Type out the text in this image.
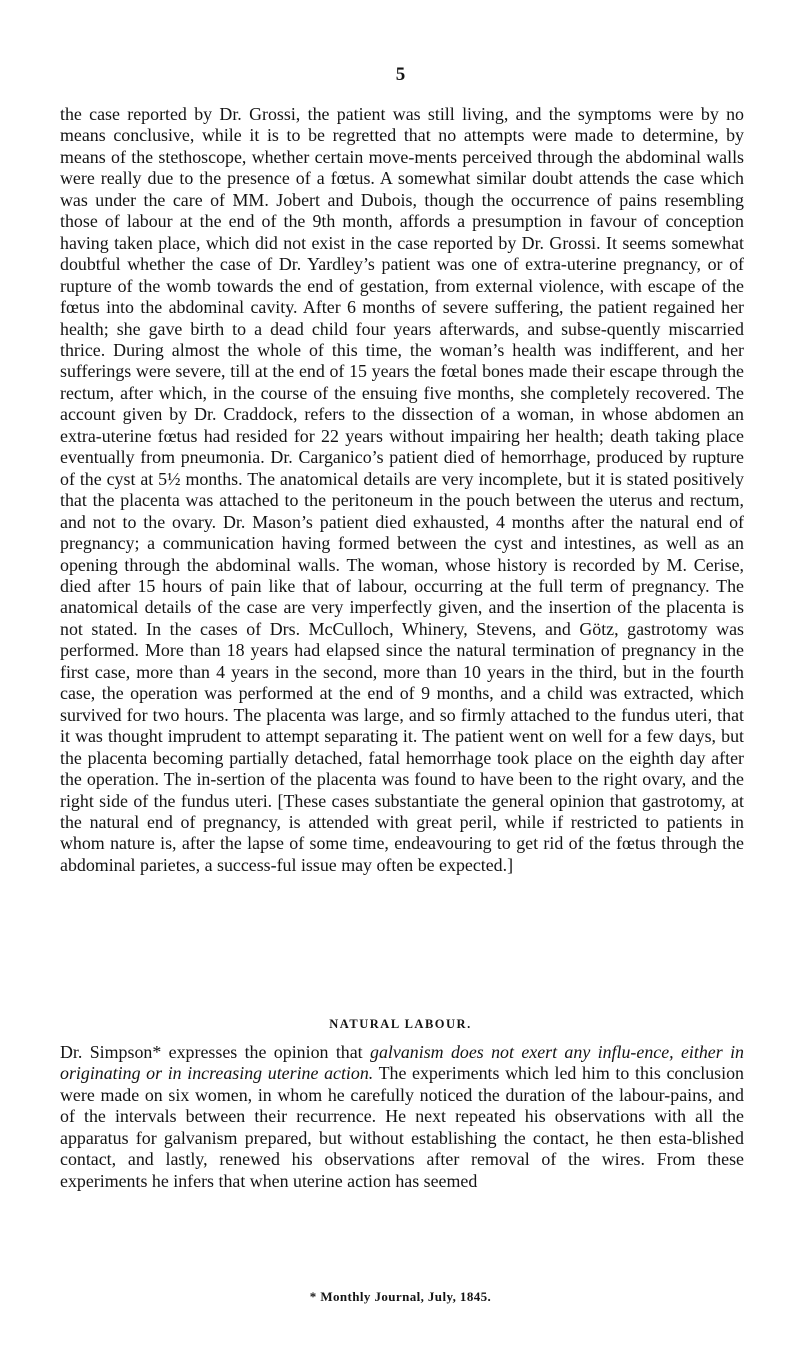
5

the case reported by Dr. Grossi, the patient was still living, and the symptoms were by no means conclusive, while it is to be regretted that no attempts were made to determine, by means of the stethoscope, whether certain move-ments perceived through the abdominal walls were really due to the presence of a fœtus. A somewhat similar doubt attends the case which was under the care of MM. Jobert and Dubois, though the occurrence of pains resembling those of labour at the end of the 9th month, affords a presumption in favour of conception having taken place, which did not exist in the case reported by Dr. Grossi. It seems somewhat doubtful whether the case of Dr. Yardley’s patient was one of extra-uterine pregnancy, or of rupture of the womb towards the end of gestation, from external violence, with escape of the fœtus into the abdominal cavity. After 6 months of severe suffering, the patient regained her health; she gave birth to a dead child four years afterwards, and subse-quently miscarried thrice. During almost the whole of this time, the woman’s health was indifferent, and her sufferings were severe, till at the end of 15 years the fœtal bones made their escape through the rectum, after which, in the course of the ensuing five months, she completely recovered. The account given by Dr. Craddock, refers to the dissection of a woman, in whose abdomen an extra-uterine fœtus had resided for 22 years without impairing her health; death taking place eventually from pneumonia. Dr. Carganico’s patient died of hemorrhage, produced by rupture of the cyst at 5½ months. The anatomical details are very incomplete, but it is stated positively that the placenta was attached to the peritoneum in the pouch between the uterus and rectum, and not to the ovary. Dr. Mason’s patient died exhausted, 4 months after the natural end of pregnancy; a communication having formed between the cyst and intestines, as well as an opening through the abdominal walls. The woman, whose history is recorded by M. Cerise, died after 15 hours of pain like that of labour, occurring at the full term of pregnancy. The anatomical details of the case are very imperfectly given, and the insertion of the placenta is not stated. In the cases of Drs. McCulloch, Whinery, Stevens, and Götz, gastrotomy was performed. More than 18 years had elapsed since the natural termination of pregnancy in the first case, more than 4 years in the second, more than 10 years in the third, but in the fourth case, the operation was performed at the end of 9 months, and a child was extracted, which survived for two hours. The placenta was large, and so firmly attached to the fundus uteri, that it was thought imprudent to attempt separating it. The patient went on well for a few days, but the placenta becoming partially detached, fatal hemorrhage took place on the eighth day after the operation. The in-sertion of the placenta was found to have been to the right ovary, and the right side of the fundus uteri. [These cases substantiate the general opinion that gastrotomy, at the natural end of pregnancy, is attended with great peril, while if restricted to patients in whom nature is, after the lapse of some time, endeavouring to get rid of the fœtus through the abdominal parietes, a success-ful issue may often be expected.]

NATURAL LABOUR.

Dr. Simpson* expresses the opinion that galvanism does not exert any influ-ence, either in originating or in increasing uterine action. The experiments which led him to this conclusion were made on six women, in whom he carefully noticed the duration of the labour-pains, and of the intervals between their recurrence. He next repeated his observations with all the apparatus for galvanism prepared, but without establishing the contact, he then esta-blished contact, and lastly, renewed his observations after removal of the wires. From these experiments he infers that when uterine action has seemed

* Monthly Journal, July, 1845.
